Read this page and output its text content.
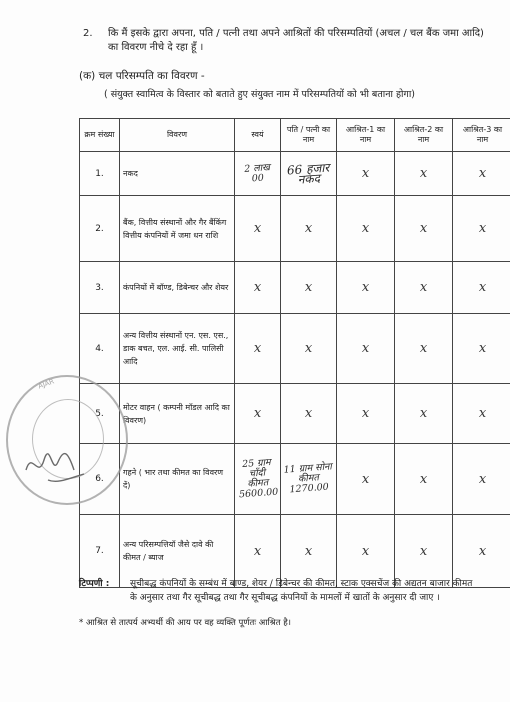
2. कि मैं इसके द्वारा अपना, पति / पत्नी तथा अपने आश्रितों की परिसम्पतियों (अचल / चल बैंक जमा आदि) का विवरण नीचे दे रहा हूँ ।
(क) चल परिसम्पति का विवरण -
( संयुक्त स्वामित्व के विस्तार को बताते हुए संयुक्त नाम में परिसम्पतियों को भी बताना होगा)
क्रम संख्या	विवरण	स्वयं	पति / पत्नी का नाम	आश्रित-1 का नाम	आश्रित-2 का नाम	आश्रित-3 का नाम
1.	नकद	2 लाख 00	66 हजार नकद	x	x	x
2.	बैंक, वित्तीय संस्थानों और गैर बैंकिंग वित्तीय कंपनियों में जमा धन राशि	x	x	x	x	x
3.	कंपनियों में बॉण्ड, डिबेन्चर और शेयर	x	x	x	x	x
4.	अन्य वित्तीय संस्थानों एन. एस. एस., डाक बचत, एल. आई. सी. पालिसी आदि	x	x	x	x	x
5.	मोटर वाहन ( कम्पनी मॉडल आदि का विवरण)	x	x	x	x	x
6.	गहने ( भार तथा कीमत का विवरण दें)	25 ग्राम चाँदी कीमत 5600.00	11 ग्राम सोना कीमत 1270.00	x	x	x
7.	अन्य परिसम्पत्तियॉ जैसे दावे की कीमत / ब्याज	x	x	x	x	x
टिप्पणी : सूचीबद्ध कंपनियों के सम्बंध में बाण्ड, शेयर / डिबेन्चर की कीमत, स्टाक एक्सचेंज की अद्यतन बाजार कीमत के अनुसार तथा गैर सूचीबद्ध तथा गैर सूचीबद्ध कंपनियों के मामलों में खातों के अनुसार दी जाए ।
* आश्रित से तात्पर्य अभ्यर्थी की आय पर वह व्यक्ति पूर्णतः आश्रित है।
AJAR
